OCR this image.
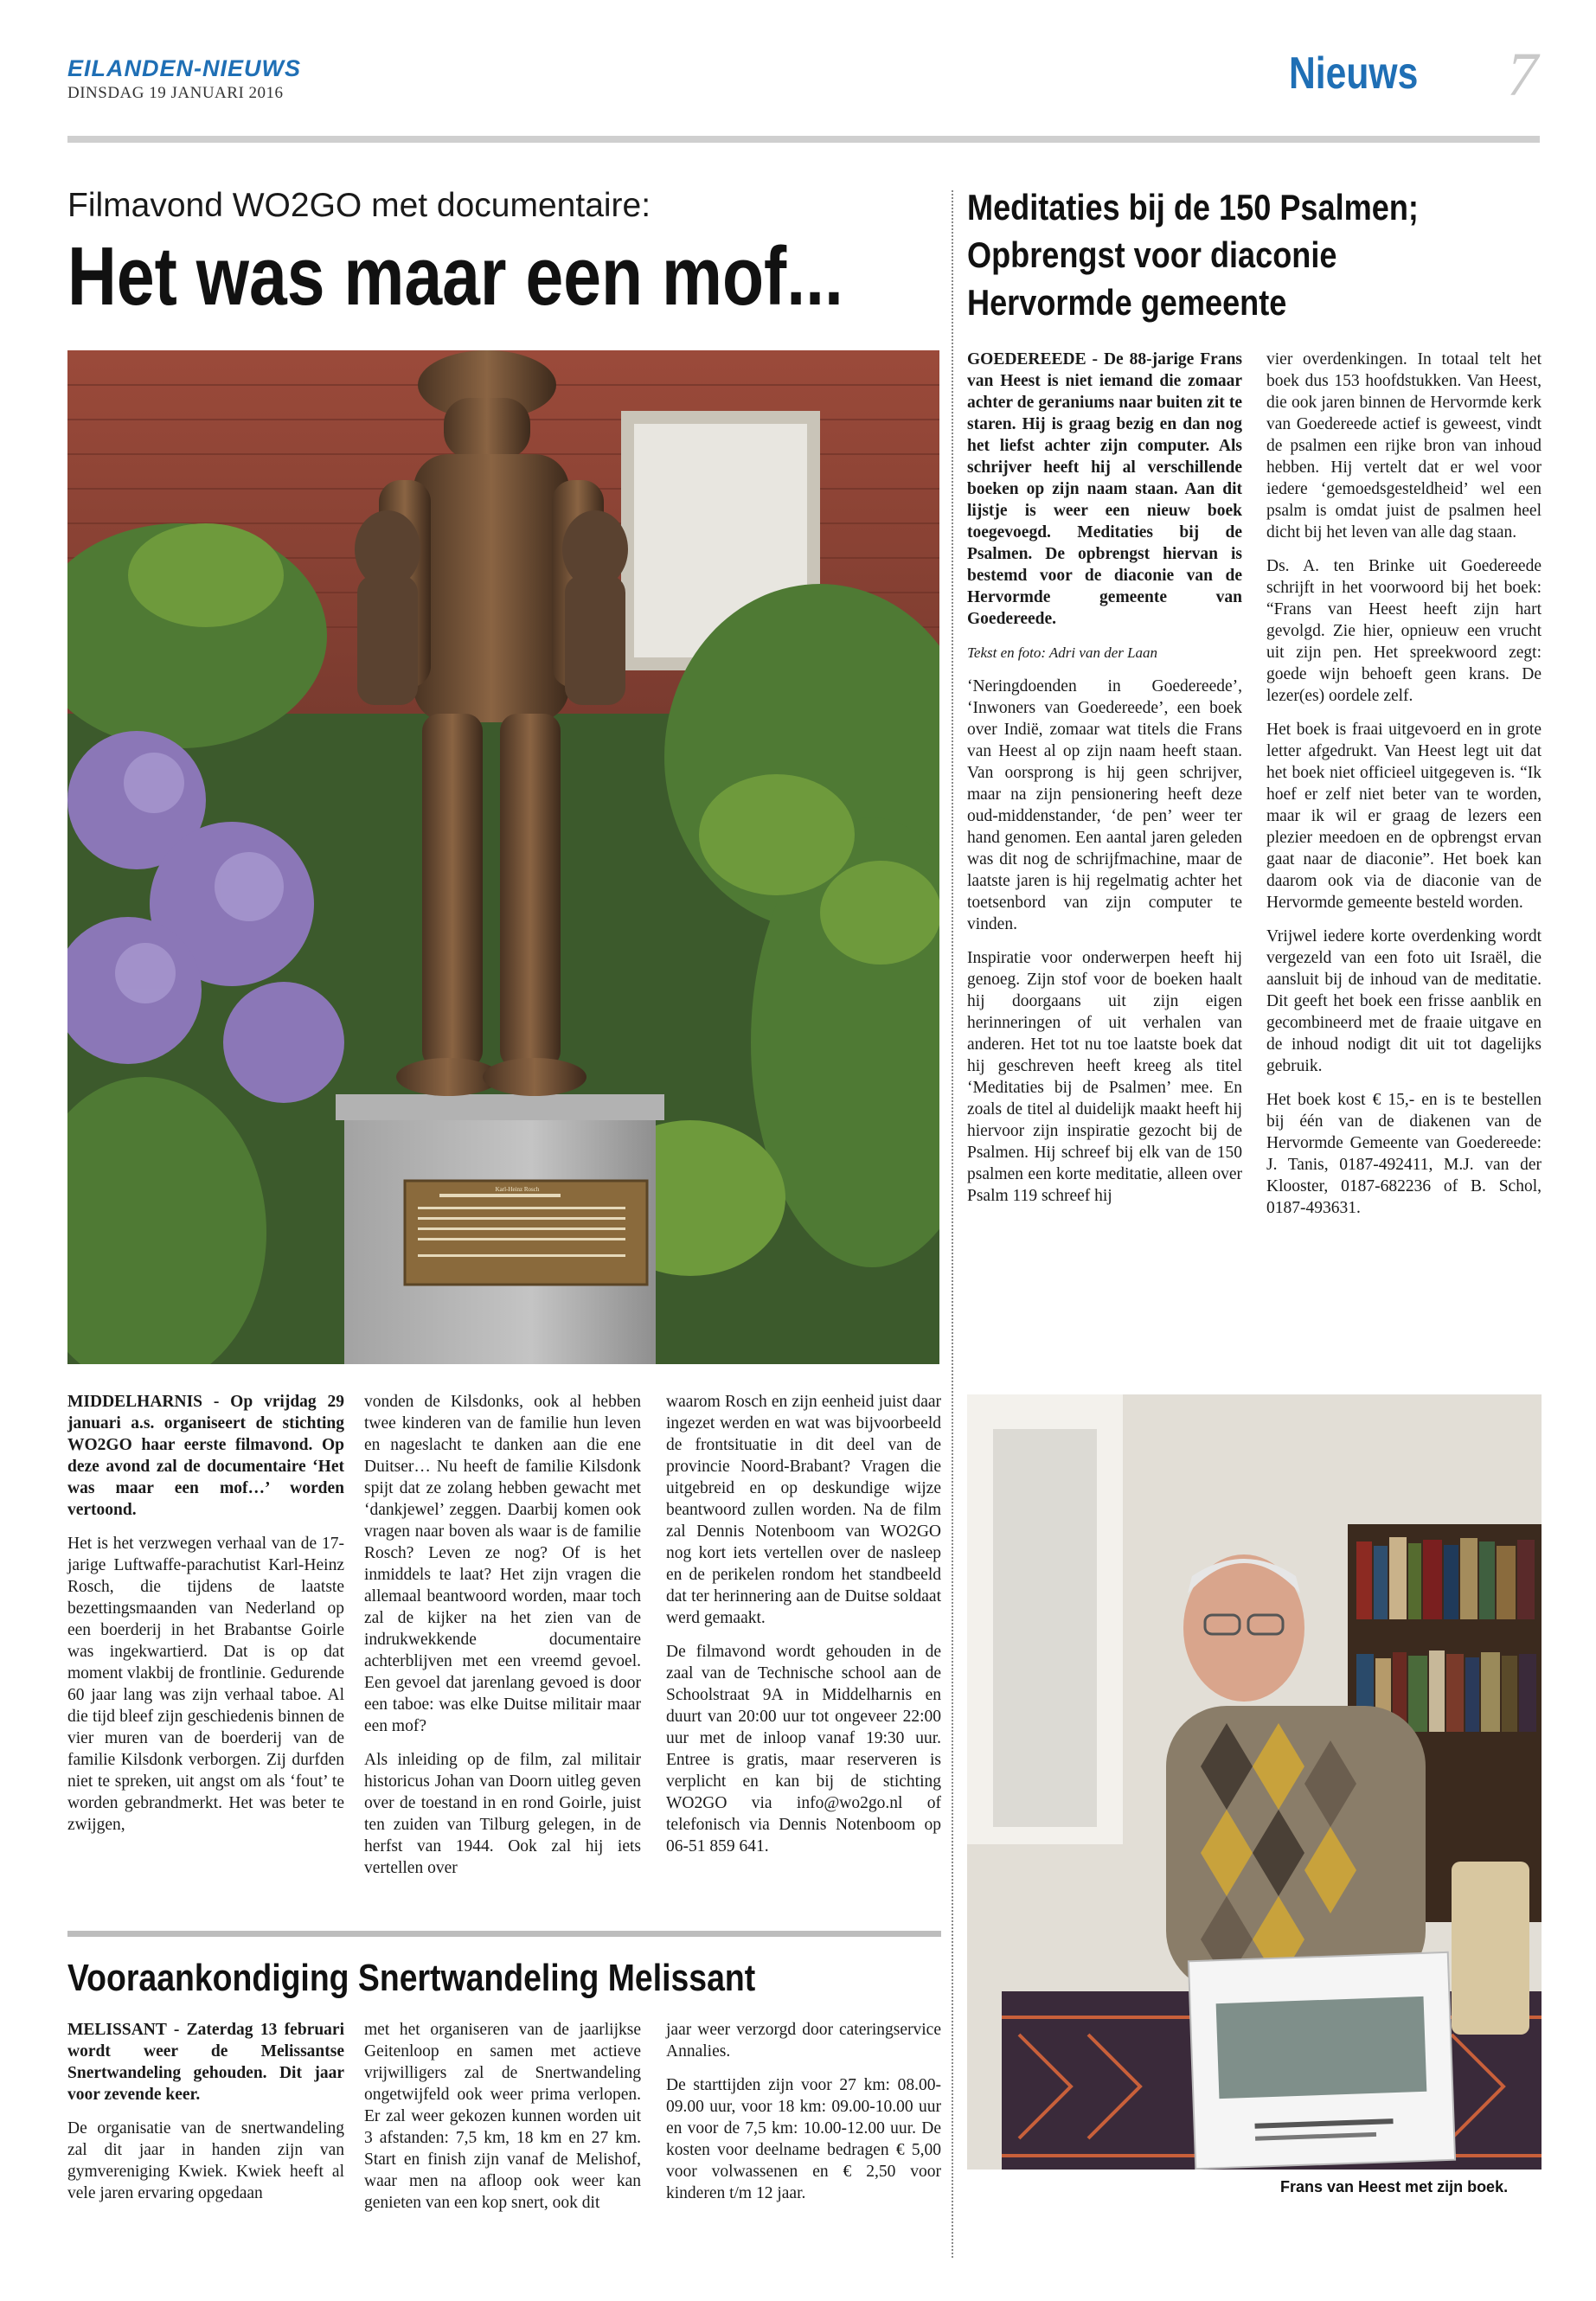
EILANDEN-NIEUWS
DINSDAG 19 JANUARI 2016	Nieuws 7
Filmavond WO2GO met documentaire:
Het was maar een mof...
Karl-Heinz Rosch

MIDDELHARNIS - Op vrijdag 29 januari a.s. organiseert de stichting WO2GO haar eerste filmavond. Op deze avond zal de documentaire ‘Het was maar een mof…’ worden vertoond.

Het is het verzwegen verhaal van de 17-jarige Luftwaffe-parachutist Karl-Heinz Rosch, die tijdens de laatste bezettingsmaanden van Nederland op een boerderij in het Brabantse Goirle was ingekwartierd. Dat is op dat moment vlakbij de frontlinie. Gedurende 60 jaar lang was zijn verhaal taboe. Al die tijd bleef zijn geschiedenis binnen de vier muren van de boerderij van de familie Kilsdonk verborgen. Zij durfden niet te spreken, uit angst om als ‘fout’ te worden gebrandmerkt. Het was beter te zwijgen,

vonden de Kilsdonks, ook al hebben twee kinderen van de familie hun leven en nageslacht te danken aan die ene Duitser… Nu heeft de familie Kilsdonk spijt dat ze zolang hebben gewacht met ‘dankjewel’ zeggen. Daarbij komen ook vragen naar boven als waar is de familie Rosch? Leven ze nog? Of is het inmiddels te laat? Het zijn vragen die allemaal beantwoord worden, maar toch zal de kijker na het zien van de indrukwekkende documentaire achterblijven met een vreemd gevoel. Een gevoel dat jarenlang gevoed is door een taboe: was elke Duitse militair maar een mof?

Als inleiding op de film, zal militair historicus Johan van Doorn uitleg geven over de toestand in en rond Goirle, juist ten zuiden van Tilburg gelegen, in de herfst van 1944. Ook zal hij iets vertellen over

waarom Rosch en zijn eenheid juist daar ingezet werden en wat was bijvoorbeeld de frontsituatie in dit deel van de provincie Noord-Brabant? Vragen die uitgebreid en op deskundige wijze beantwoord zullen worden. Na de film zal Dennis Notenboom van WO2GO nog kort iets vertellen over de nasleep en de perikelen rondom het standbeeld dat ter herinnering aan de Duitse soldaat werd gemaakt.

De filmavond wordt gehouden in de zaal van de Technische school aan de Schoolstraat 9A in Middelharnis en duurt van 20:00 uur tot ongeveer 22:00 uur met de inloop vanaf 19:30 uur. Entree is gratis, maar reserveren is verplicht en kan bij de stichting WO2GO via info@wo2go.nl of telefonisch via Dennis Notenboom op 06-51 859 641.

Vooraankondiging Snertwandeling Melissant

MELISSANT - Zaterdag 13 februari wordt weer de Melissantse Snertwandeling gehouden. Dit jaar voor zevende keer.

De organisatie van de snertwandeling zal dit jaar in handen zijn van gymvereniging Kwiek. Kwiek heeft al vele jaren ervaring opgedaan

met het organiseren van de jaarlijkse Geitenloop en samen met actieve vrijwilligers zal de Snertwandeling ongetwijfeld ook weer prima verlopen. Er zal weer gekozen kunnen worden uit 3 afstanden: 7,5 km, 18 km en 27 km. Start en finish zijn vanaf de Melishof, waar men na afloop ook weer kan genieten van een kop snert, ook dit

jaar weer verzorgd door cateringservice Annalies.

De starttijden zijn voor 27 km: 08.00- 09.00 uur, voor 18 km: 09.00-10.00 uur en voor de 7,5 km: 10.00-12.00 uur. De kosten voor deelname bedragen € 5,00 voor volwassenen en € 2,50 voor kinderen t/m 12 jaar.

Meditaties bij de 150 Psalmen;
Opbrengst voor diaconie
Hervormde gemeente

GOEDEREEDE - De 88-jarige Frans van Heest is niet iemand die zomaar achter de geraniums naar buiten zit te staren. Hij is graag bezig en dan nog het liefst achter zijn computer. Als schrijver heeft hij al verschillende boeken op zijn naam staan. Aan dit lijstje is weer een nieuw boek toegevoegd. Meditaties bij de Psalmen. De opbrengst hiervan is bestemd voor de diaconie van de Hervormde gemeente van Goedereede.

Tekst en foto: Adri van der Laan

‘Neringdoenden in Goedereede’, ‘Inwoners van Goedereede’, een boek over Indië, zomaar wat titels die Frans van Heest al op zijn naam heeft staan. Van oorsprong is hij geen schrijver, maar na zijn pensionering heeft deze oud-middenstander, ‘de pen’ weer ter hand genomen. Een aantal jaren geleden was dit nog de schrijfmachine, maar de laatste jaren is hij regelmatig achter het toetsenbord van zijn computer te vinden.

Inspiratie voor onderwerpen heeft hij genoeg. Zijn stof voor de boeken haalt hij doorgaans uit zijn eigen herinneringen of uit verhalen van anderen. Het tot nu toe laatste boek dat hij geschreven heeft kreeg als titel ‘Meditaties bij de Psalmen’ mee. En zoals de titel al duidelijk maakt heeft hij hiervoor zijn inspiratie gezocht bij de Psalmen. Hij schreef bij elk van de 150 psalmen een korte meditatie, alleen over Psalm 119 schreef hij

vier overdenkingen. In totaal telt het boek dus 153 hoofdstukken. Van Heest, die ook jaren binnen de Hervormde kerk van Goedereede actief is geweest, vindt de psalmen een rijke bron van inhoud hebben. Hij vertelt dat er wel voor iedere ‘gemoedsgesteldheid’ wel een psalm is omdat juist de psalmen heel dicht bij het leven van alle dag staan.

Ds. A. ten Brinke uit Goedereede schrijft in het voorwoord bij het boek: “Frans van Heest heeft zijn hart gevolgd. Zie hier, opnieuw een vrucht uit zijn pen. Het spreekwoord zegt: goede wijn behoeft geen krans. De lezer(es) oordele zelf.

Het boek is fraai uitgevoerd en in grote letter afgedrukt. Van Heest legt uit dat het boek niet officieel uitgegeven is. “Ik hoef er zelf niet beter van te worden, maar ik wil er graag de lezers een plezier meedoen en de opbrengst ervan gaat naar de diaconie”. Het boek kan daarom ook via de diaconie van de Hervormde gemeente besteld worden.

Vrijwel iedere korte overdenking wordt vergezeld van een foto uit Israël, die aansluit bij de inhoud van de meditatie. Dit geeft het boek een frisse aanblik en gecombineerd met de fraaie uitgave en de inhoud nodigt dit uit tot dagelijks gebruik.

Het boek kost € 15,- en is te bestellen bij één van de diakenen van de Hervormde Gemeente van Goedereede: J. Tanis, 0187-492411, M.J. van der Klooster, 0187-682236 of B. Schol, 0187-493631.

Frans van Heest met zijn boek.
